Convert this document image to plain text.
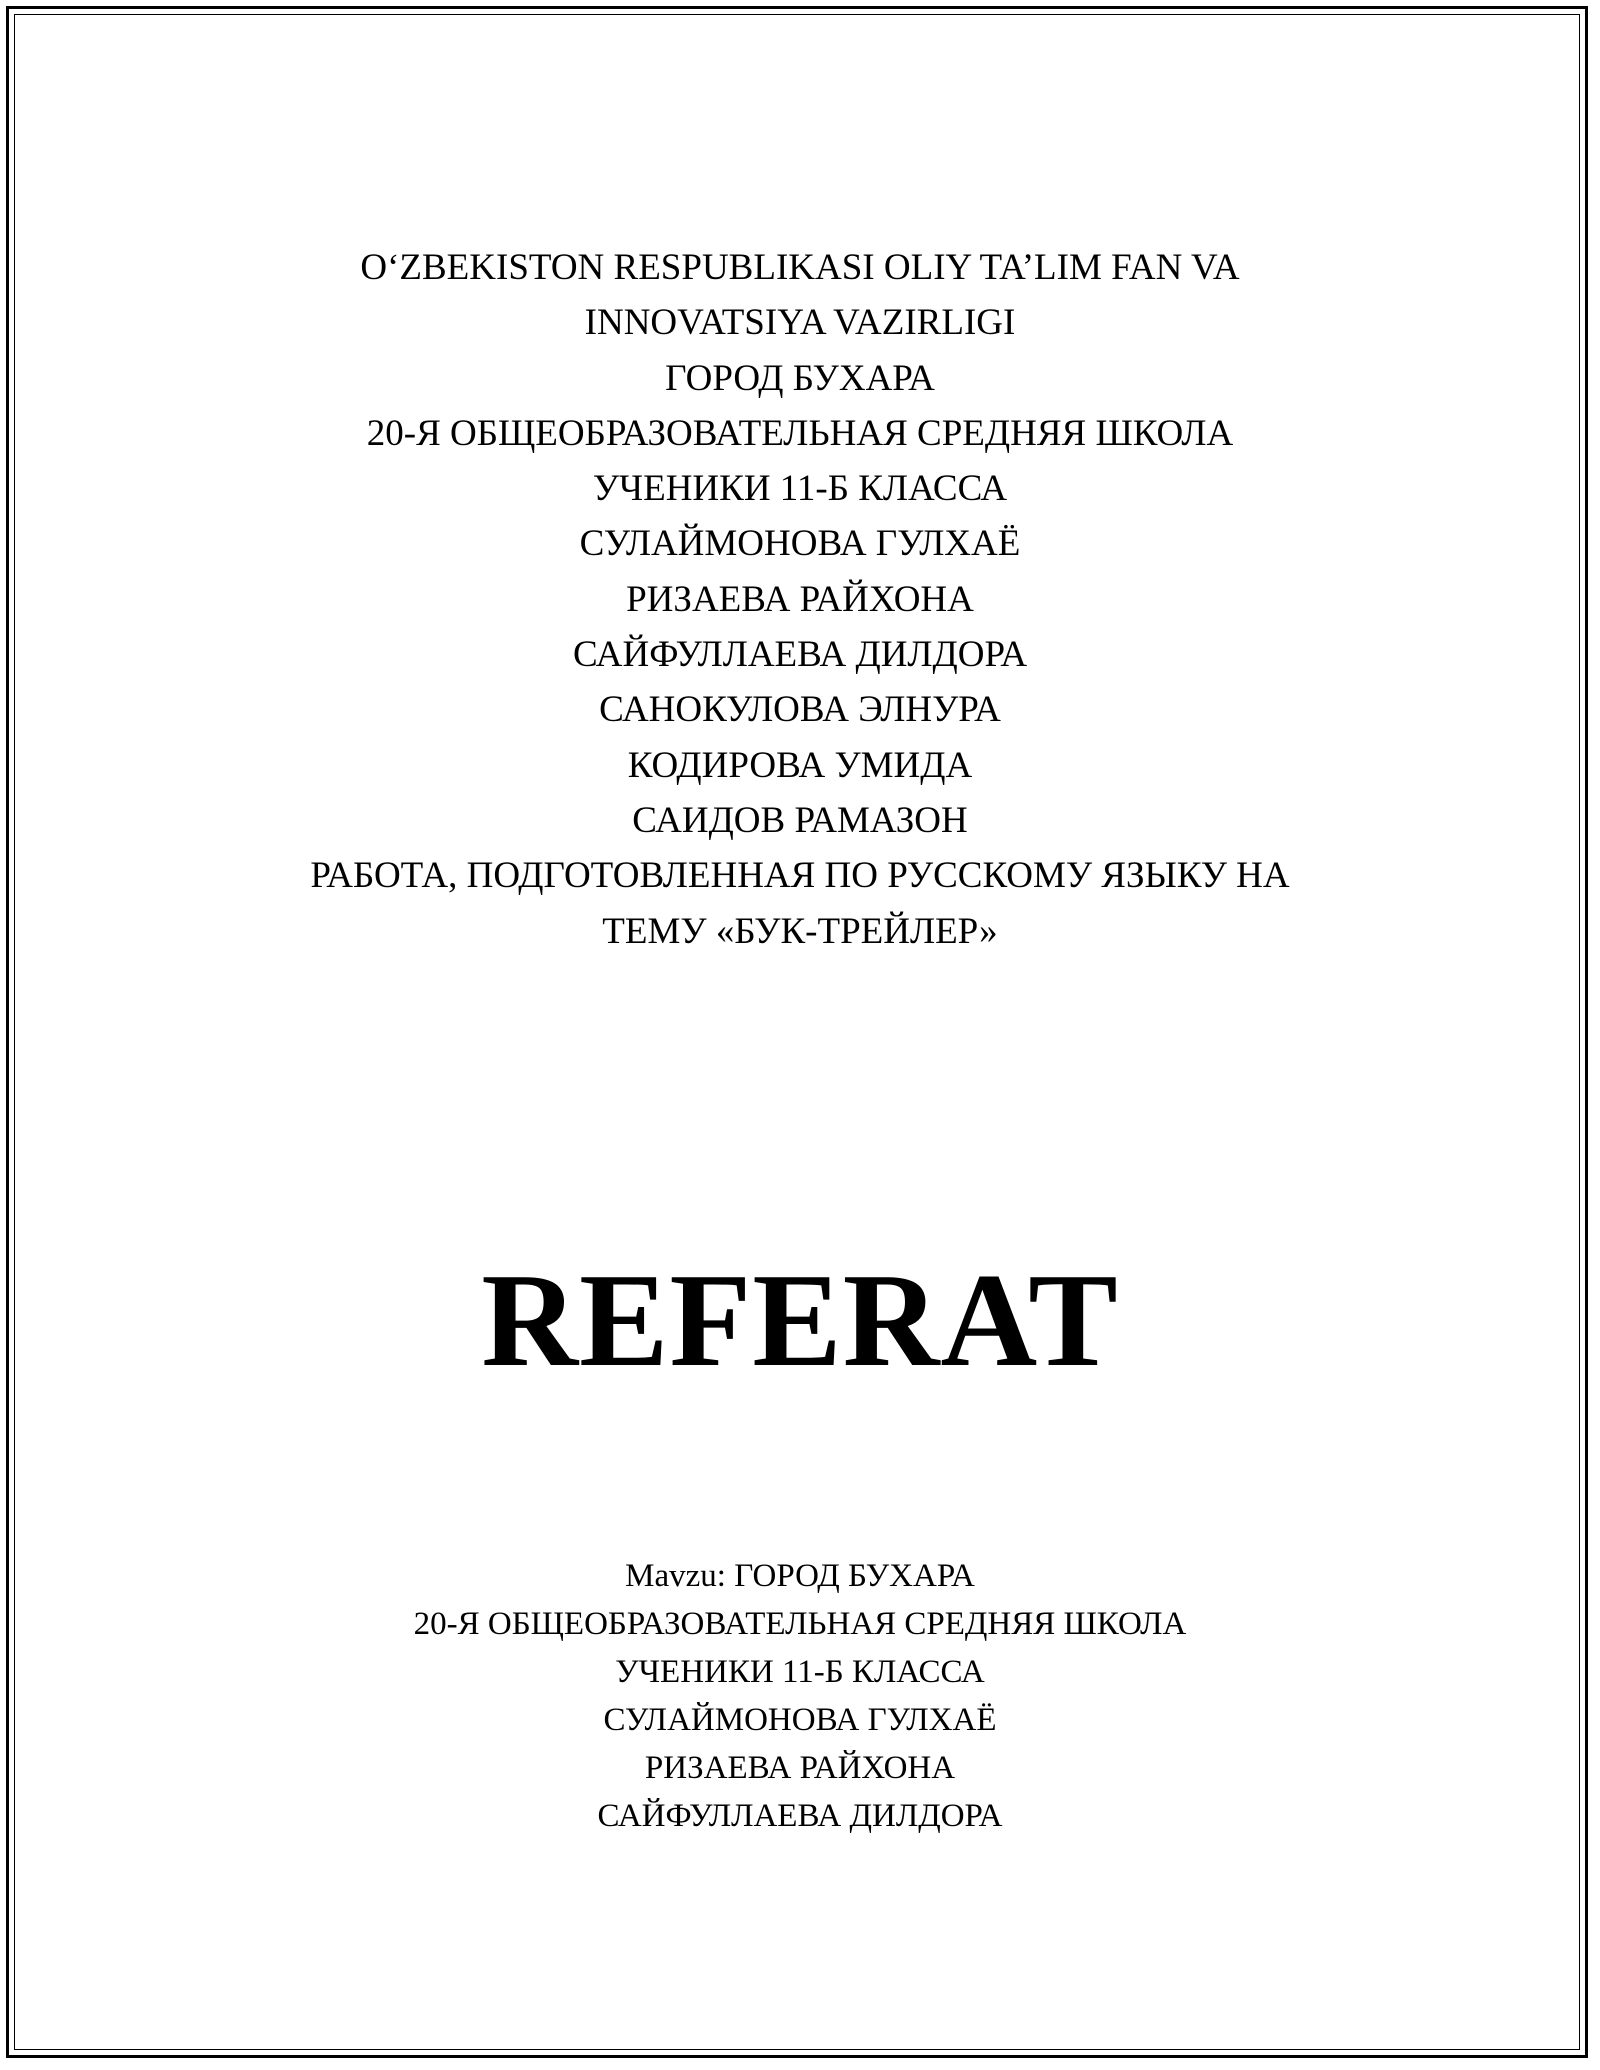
O‘ZBEKISTON RESPUBLIKASI OLIY TA’LIM FAN VA
INNOVATSIYA VAZIRLIGI
ГОРОД БУХАРА
20-Я ОБЩЕОБРАЗОВАТЕЛЬНАЯ СРЕДНЯЯ ШКОЛА
УЧЕНИКИ 11-Б КЛАССА
СУЛАЙМОНОВА ГУЛХАЁ
РИЗАЕВА РАЙХОНА
САЙФУЛЛАЕВА ДИЛДОРА
САНОКУЛОВА ЭЛНУРА
КОДИРОВА УМИДА
САИДОВ РАМАЗОН
РАБОТА, ПОДГОТОВЛЕННАЯ ПО РУССКОМУ ЯЗЫКУ НА
ТЕМУ «БУК-ТРЕЙЛЕР»
REFERAT
Mavzu: ГОРОД БУХАРА
20-Я ОБЩЕОБРАЗОВАТЕЛЬНАЯ СРЕДНЯЯ ШКОЛА
УЧЕНИКИ 11-Б КЛАССА
СУЛАЙМОНОВА ГУЛХАЁ
РИЗАЕВА РАЙХОНА
САЙФУЛЛАЕВА ДИЛДОРА
